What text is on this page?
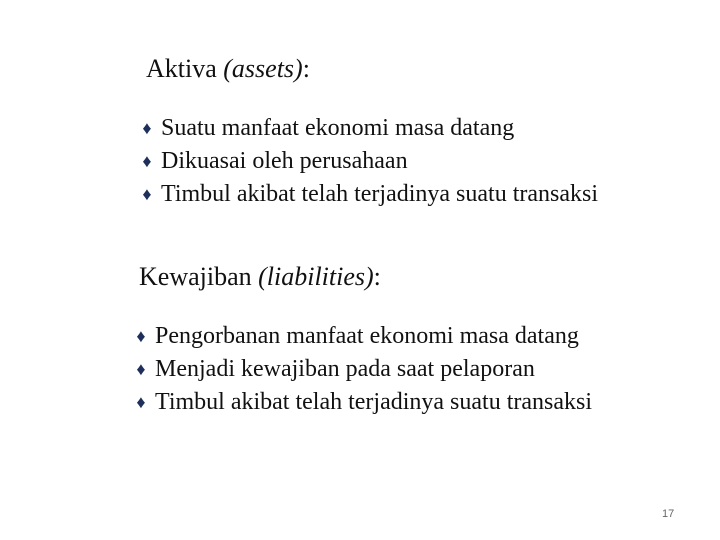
Aktiva (assets):
♦ Suatu manfaat ekonomi masa datang
♦ Dikuasai oleh perusahaan
♦ Timbul akibat telah terjadinya suatu transaksi
Kewajiban (liabilities):
♦ Pengorbanan manfaat ekonomi masa datang
♦ Menjadi kewajiban pada saat pelaporan
♦ Timbul akibat telah terjadinya suatu transaksi
17
